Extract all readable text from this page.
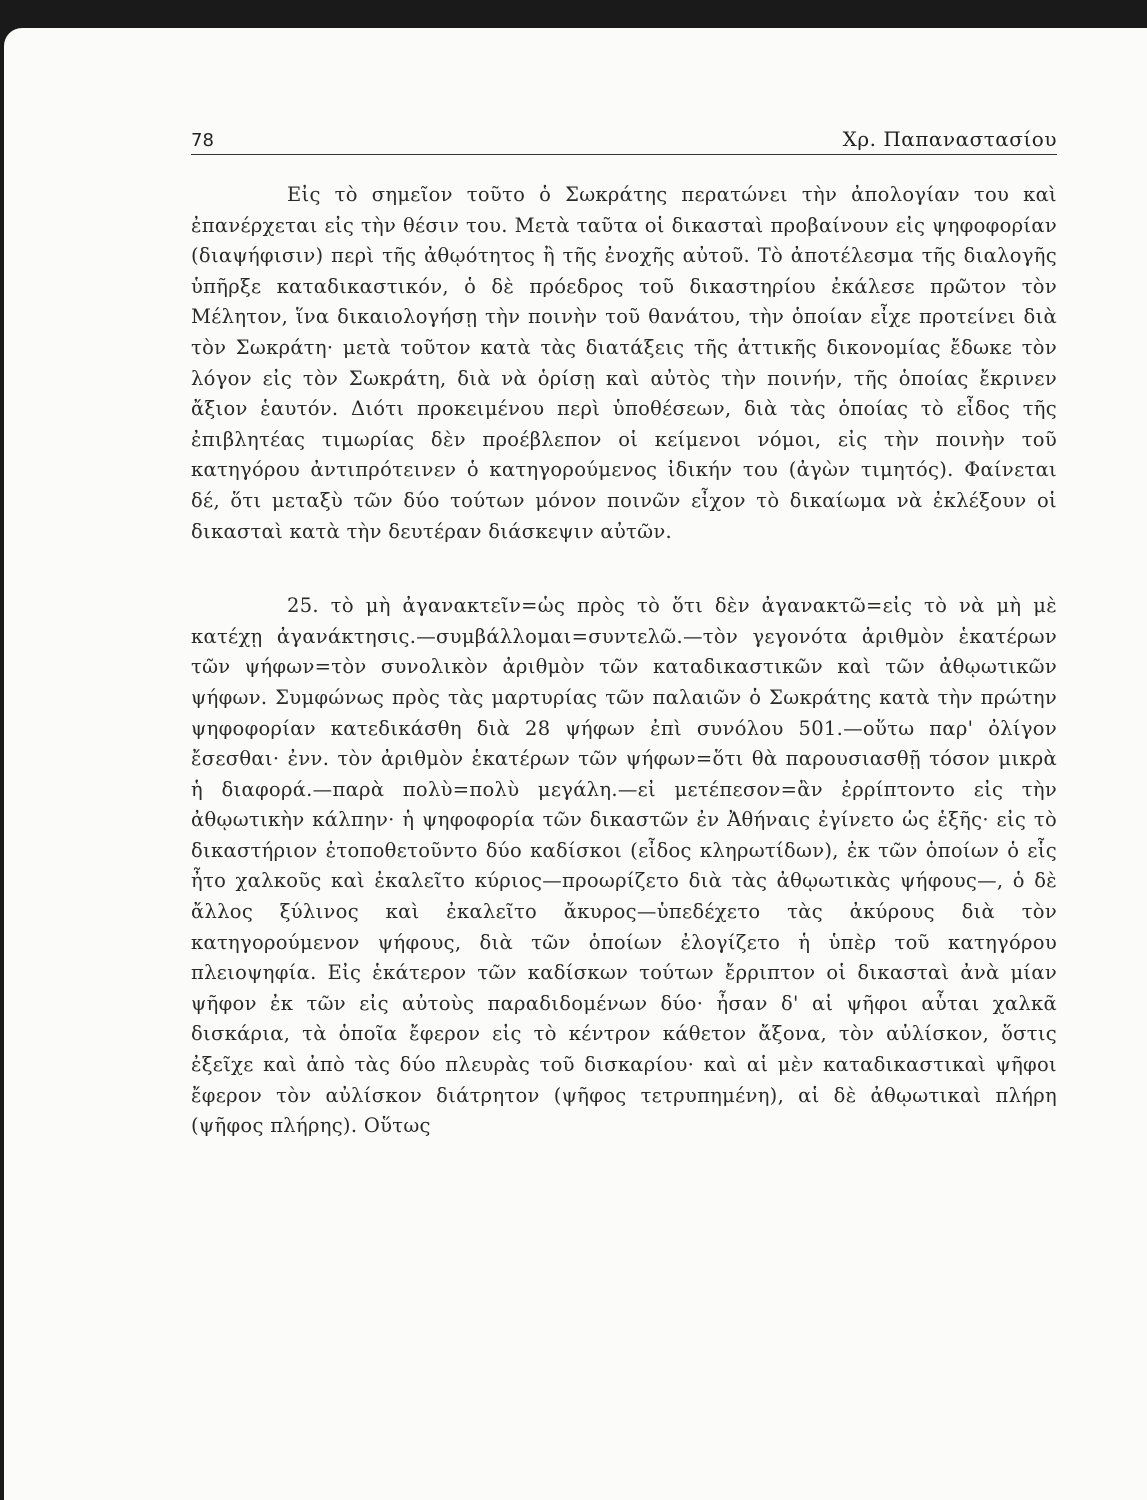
78	Χρ. Παπαναστασίου

Εἰς τὸ σημεῖον τοῦτο ὁ Σωκράτης περατώνει τὴν ἀπολογίαν του καὶ ἐπανέρχεται εἰς τὴν θέσιν του. Μετὰ ταῦτα οἱ δικασταὶ προβαίνουν εἰς ψηφοφορίαν (διαψήφισιν) περὶ τῆς ἀθῳότητος ἢ τῆς ἐνοχῆς αὐτοῦ. Τὸ ἀποτέλεσμα τῆς διαλογῆς ὑπῆρξε καταδικαστικόν, ὁ δὲ πρόεδρος τοῦ δικαστηρίου ἐκάλεσε πρῶτον τὸν Μέλητον, ἵνα δικαιολογήσῃ τὴν ποινὴν τοῦ θανάτου, τὴν ὁποίαν εἶχε προτείνει διὰ τὸν Σωκράτη· μετὰ τοῦτον κατὰ τὰς διατάξεις τῆς ἀττικῆς δικονομίας ἔδωκε τὸν λόγον εἰς τὸν Σωκράτη, διὰ νὰ ὁρίσῃ καὶ αὐτὸς τὴν ποινήν, τῆς ὁποίας ἔκρινεν ἄξιον ἑαυτόν. Διότι προκειμένου περὶ ὑποθέσεων, διὰ τὰς ὁποίας τὸ εἶδος τῆς ἐπιβλητέας τιμωρίας δὲν προέβλεπον οἱ κείμενοι νόμοι, εἰς τὴν ποινὴν τοῦ κατηγόρου ἀντιπρότεινεν ὁ κατηγορούμενος ἰδικήν του (ἀγὼν τιμητός). Φαίνεται δέ, ὅτι μεταξὺ τῶν δύο τούτων μόνον ποινῶν εἶχον τὸ δικαίωμα νὰ ἐκλέξουν οἱ δικασταὶ κατὰ τὴν δευτέραν διάσκεψιν αὐτῶν.

25. τὸ μὴ ἀγανακτεῖν=ὡς πρὸς τὸ ὅτι δὲν ἀγανακτῶ=εἰς τὸ νὰ μὴ μὲ κατέχῃ ἀγανάκτησις.—συμβάλλομαι=συντελῶ.—τὸν γεγονότα ἀριθμὸν ἑκατέρων τῶν ψήφων=τὸν συνολικὸν ἀριθμὸν τῶν καταδικαστικῶν καὶ τῶν ἀθῳωτικῶν ψήφων. Συμφώνως πρὸς τὰς μαρτυρίας τῶν παλαιῶν ὁ Σωκράτης κατὰ τὴν πρώτην ψηφοφορίαν κατεδικάσθη διὰ 28 ψήφων ἐπὶ συνόλου 501.—οὕτω παρ' ὀλίγον ἔσεσθαι· ἐνν. τὸν ἀριθμὸν ἑκατέρων τῶν ψήφων=ὅτι θὰ παρουσιασθῇ τόσον μικρὰ ἡ διαφορά.—παρὰ πολὺ=πολὺ μεγάλη.—εἰ μετέπεσον=ἂν ἐρρίπτοντο εἰς τὴν ἀθῳωτικὴν κάλπην· ἡ ψηφοφορία τῶν δικαστῶν ἐν Ἀθήναις ἐγίνετο ὡς ἑξῆς· εἰς τὸ δικαστήριον ἐτοποθετοῦντο δύο καδίσκοι (εἶδος κληρωτίδων), ἐκ τῶν ὁποίων ὁ εἷς ἦτο χαλκοῦς καὶ ἐκαλεῖτο κύριος—προωρίζετο διὰ τὰς ἀθῳωτικὰς ψήφους—, ὁ δὲ ἄλλος ξύλινος καὶ ἐκαλεῖτο ἄκυρος—ὑπεδέχετο τὰς ἀκύρους διὰ τὸν κατηγορούμενον ψήφους, διὰ τῶν ὁποίων ἐλογίζετο ἡ ὑπὲρ τοῦ κατηγόρου πλειοψηφία. Εἰς ἑκάτερον τῶν καδίσκων τούτων ἔρριπτον οἱ δικασταὶ ἀνὰ μίαν ψῆφον ἐκ τῶν εἰς αὐτοὺς παραδιδομένων δύο· ἦσαν δ' αἱ ψῆφοι αὗται χαλκᾶ δισκάρια, τὰ ὁποῖα ἔφερον εἰς τὸ κέντρον κάθετον ἄξονα, τὸν αὐλίσκον, ὅστις ἐξεῖχε καὶ ἀπὸ τὰς δύο πλευρὰς τοῦ δισκαρίου· καὶ αἱ μὲν καταδικαστικαὶ ψῆφοι ἔφερον τὸν αὐλίσκον διάτρητον (ψῆφος τετρυπημένη), αἱ δὲ ἀθῳωτικαὶ πλήρη (ψῆφος πλήρης). Οὕτως
